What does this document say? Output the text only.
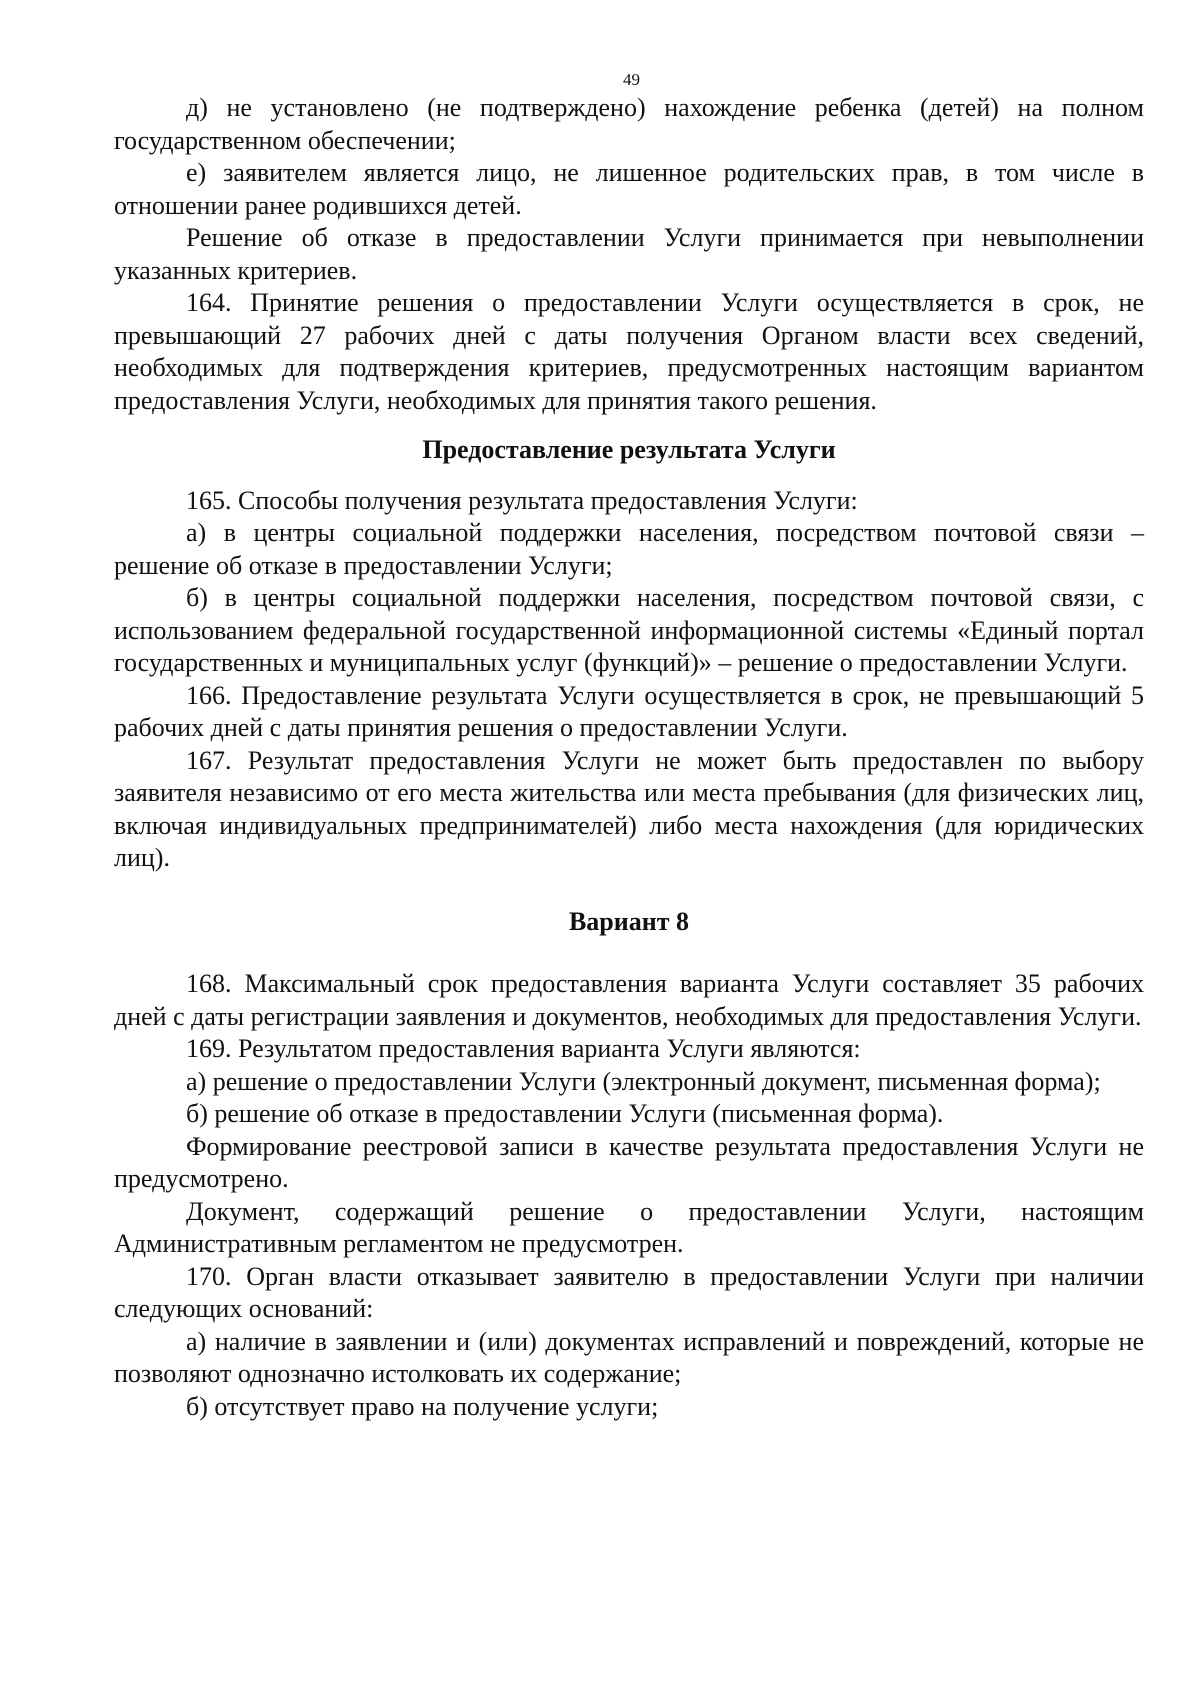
49

д) не установлено (не подтверждено) нахождение ребенка (детей) на полном государственном обеспечении;

е) заявителем является лицо, не лишенное родительских прав, в том числе в отношении ранее родившихся детей.

Решение об отказе в предоставлении Услуги принимается при невыполнении указанных критериев.

164. Принятие решения о предоставлении Услуги осуществляется в срок, не превышающий 27 рабочих дней с даты получения Органом власти всех сведений, необходимых для подтверждения критериев, предусмотренных настоящим вариантом предоставления Услуги, необходимых для принятия такого решения.

Предоставление результата Услуги

165. Способы получения результата предоставления Услуги:

а) в центры социальной поддержки населения, посредством почтовой связи – решение об отказе в предоставлении Услуги;

б) в центры социальной поддержки населения, посредством почтовой связи, с использованием федеральной государственной информационной системы «Единый портал государственных и муниципальных услуг (функций)» – решение о предоставлении Услуги.

166. Предоставление результата Услуги осуществляется в срок, не превышающий 5 рабочих дней с даты принятия решения о предоставлении Услуги.

167. Результат предоставления Услуги не может быть предоставлен по выбору заявителя независимо от его места жительства или места пребывания (для физических лиц, включая индивидуальных предпринимателей) либо места нахождения (для юридических лиц).

Вариант 8

168. Максимальный срок предоставления варианта Услуги составляет 35 рабочих дней с даты регистрации заявления и документов, необходимых для предоставления Услуги.

169. Результатом предоставления варианта Услуги являются:

а) решение о предоставлении Услуги (электронный документ, письменная форма);

б) решение об отказе в предоставлении Услуги (письменная форма).

Формирование реестровой записи в качестве результата предоставления Услуги не предусмотрено.

Документ, содержащий решение о предоставлении Услуги, настоящим Административным регламентом не предусмотрен.

170. Орган власти отказывает заявителю в предоставлении Услуги при наличии следующих оснований:

а) наличие в заявлении и (или) документах исправлений и повреждений, которые не позволяют однозначно истолковать их содержание;

б) отсутствует право на получение услуги;
